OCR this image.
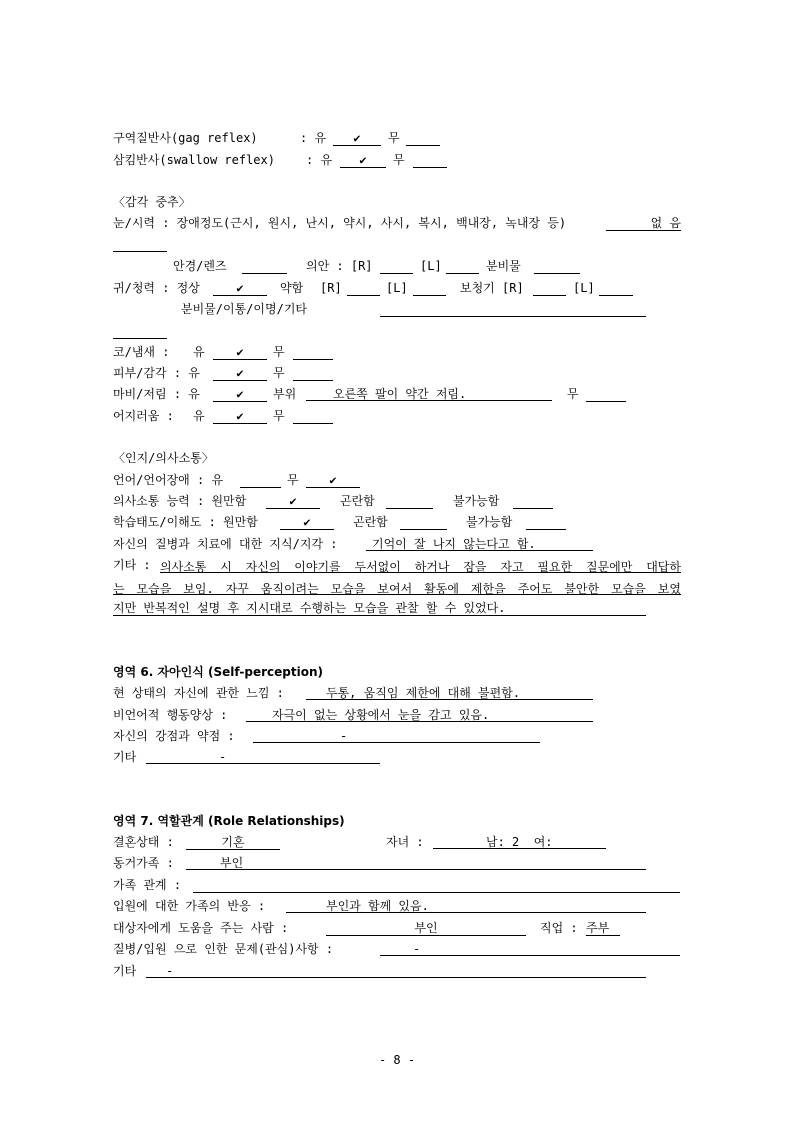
구역질반사(gag reflex)	: 유	✔	무
삼킴반사(swallow reflex)	: 유	✔	무
〈감각 중추〉
눈/시력 : 장애정도(근시, 원시, 난시, 약시, 사시, 복시, 백내장, 녹내장 등)	없 음
안경/렌즈	의안 : [R]	[L]	분비물
귀/청력 : 정상	✔	약함 [R]	[L]	보청기 [R]	[L]
분비물/이통/이명/기타
코/냄새 : 유	✔	무
피부/감각 : 유	✔	무
마비/저림 : 유	✔	부위	오른쪽 팔이 약간 저림.	무
어지러움 : 유	✔	무
〈인지/의사소통〉
언어/언어장애 : 유	무	✔
의사소통 능력 : 원만함	✔	곤란함	불가능함
학습태도/이해도 : 원만함	✔	곤란함	불가능함
자신의 질병과 치료에 대한 지식/지각 :	기억이 잘 나지 않는다고 함.
기타 : 의사소통 시 자신의 이야기를 두서없이 하거나 잠을 자고 필요한 질문에만 대답하
는 모습을 보임. 자꾸 움직이려는 모습을 보여서 활동에 제한을 주어도 불안한 모습을 보였
지만 반복적인 설명 후 지시대로 수행하는 모습을 관찰 할 수 있었다.
영역 6. 자아인식 (Self-perception)
현 상태의 자신에 관한 느낌 :	두통, 움직임 제한에 대해 불편함.
비언어적 행동양상 :	자극이 없는 상황에서 눈을 감고 있음.
자신의 강점과 약점 :	-
기타	-
영역 7. 역할관계 (Role Relationships)
결혼상태 :	기혼	자녀 :	남: 2  여:
동거가족 :	부인
가족 관계 :
입원에 대한 가족의 반응 :	부인과 함께 있음.
대상자에게 도움을 주는 사람 :	부인	직업 : 주부
질병/입원 으로 인한 문제(관심)사항 :	-
기타	-
- 8 -
